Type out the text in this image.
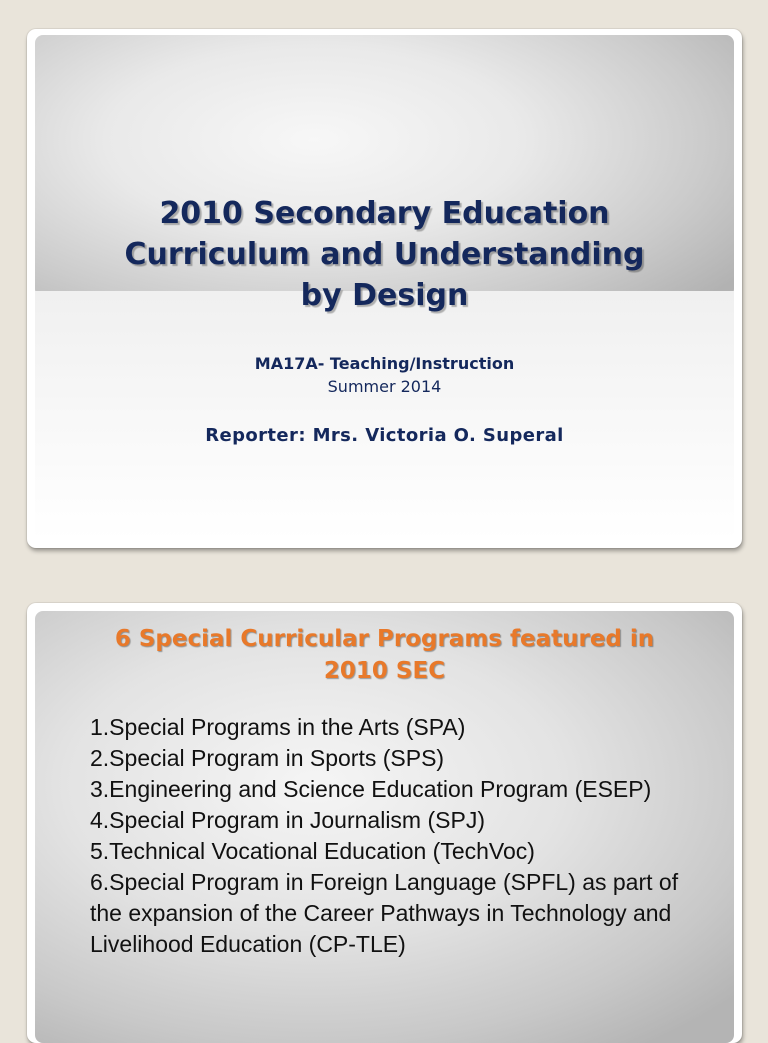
2010 Secondary Education
Curriculum and Understanding
by Design
MA17A- Teaching/Instruction
Summer 2014
Reporter: Mrs. Victoria O. Superal
6 Special Curricular Programs featured in
2010 SEC
1.Special Programs in the Arts (SPA)
2.Special Program in Sports (SPS)
3.Engineering and Science Education Program (ESEP)
4.Special Program in Journalism (SPJ)
5.Technical Vocational Education (TechVoc)
6.Special Program in Foreign Language (SPFL) as part of the expansion of the Career Pathways in Technology and Livelihood Education (CP-TLE)
